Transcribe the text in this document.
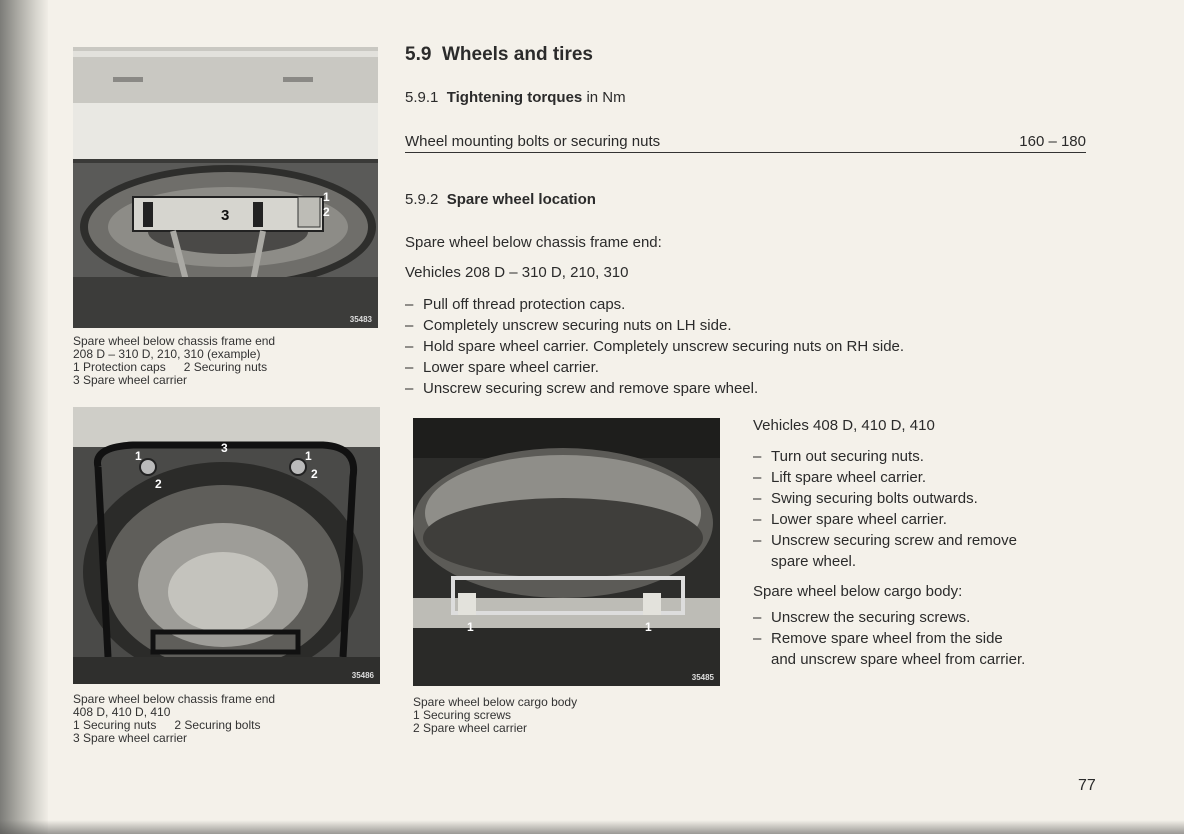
3
1
2
35483
Spare wheel below chassis frame end
208 D – 310 D, 210, 310 (example)
1 Protection caps 2 Securing nuts
3 Spare wheel carrier
3
1	1
2
2
35486
Spare wheel below chassis frame end
408 D, 410 D, 410
1 Securing nuts 2 Securing bolts
3 Spare wheel carrier
1	1
35485
Spare wheel below cargo body
1 Securing screws
2 Spare wheel carrier
5.9 Wheels and tires

5.9.1 Tightening torques in Nm

Wheel mounting bolts or securing nuts	160 – 180

5.9.2 Spare wheel location

Spare wheel below chassis frame end:
Vehicles 208 D – 310 D, 210, 310
– Pull off thread protection caps.
– Completely unscrew securing nuts on LH side.
– Hold spare wheel carrier. Completely unscrew securing nuts on RH side.
– Lower spare wheel carrier.
– Unscrew securing screw and remove spare wheel.
Vehicles 408 D, 410 D, 410
– Turn out securing nuts.
– Lift spare wheel carrier.
– Swing securing bolts outwards.
– Lower spare wheel carrier.
– Unscrew securing screw and remove
spare wheel.
Spare wheel below cargo body:
– Unscrew the securing screws.
– Remove spare wheel from the side
and unscrew spare wheel from carrier.
77
